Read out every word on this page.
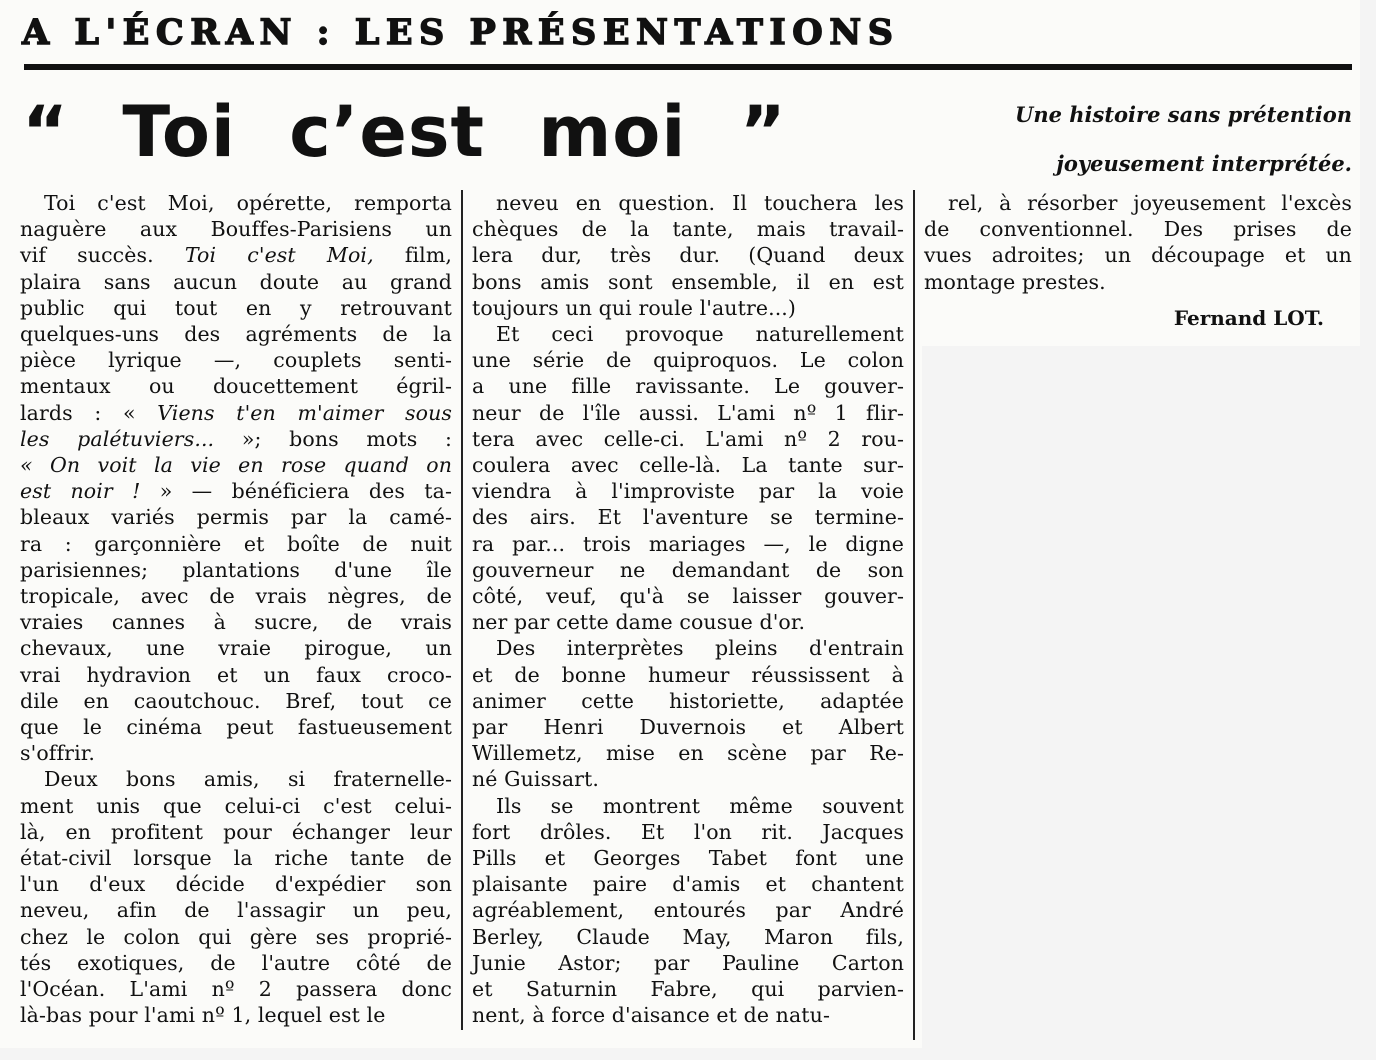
A L'ÉCRAN : LES PRÉSENTATIONS
“ Toi c’est moi ”	Une histoire sans prétention
joyeusement interprétée.

Toi c'est Moi, opérette, remporta
naguère aux Bouffes-Parisiens un
vif succès. Toi c'est Moi, film,
plaira sans aucun doute au grand
public qui tout en y retrouvant
quelques-uns des agréments de la
pièce lyrique —, couplets senti-
mentaux ou doucettement égril-
lards : « Viens t'en m'aimer sous
les palétuviers... »; bons mots :
« On voit la vie en rose quand on
est noir ! » — bénéficiera des ta-
bleaux variés permis par la camé-
ra : garçonnière et boîte de nuit
parisiennes; plantations d'une île
tropicale, avec de vrais nègres, de
vraies cannes à sucre, de vrais
chevaux, une vraie pirogue, un
vrai hydravion et un faux croco-
dile en caoutchouc. Bref, tout ce
que le cinéma peut fastueusement
s'offrir.

Deux bons amis, si fraternelle-
ment unis que celui-ci c'est celui-
là, en profitent pour échanger leur
état-civil lorsque la riche tante de
l'un d'eux décide d'expédier son
neveu, afin de l'assagir un peu,
chez le colon qui gère ses proprié-
tés exotiques, de l'autre côté de
l'Océan. L'ami nº 2 passera donc
là-bas pour l'ami nº 1, lequel est le

neveu en question. Il touchera les
chèques de la tante, mais travail-
lera dur, très dur. (Quand deux
bons amis sont ensemble, il en est
toujours un qui roule l'autre...)

Et ceci provoque naturellement
une série de quiproquos. Le colon
a une fille ravissante. Le gouver-
neur de l'île aussi. L'ami nº 1 flir-
tera avec celle-ci. L'ami nº 2 rou-
coulera avec celle-là. La tante sur-
viendra à l'improviste par la voie
des airs. Et l'aventure se termine-
ra par... trois mariages —, le digne
gouverneur ne demandant de son
côté, veuf, qu'à se laisser gouver-
ner par cette dame cousue d'or.

Des interprètes pleins d'entrain
et de bonne humeur réussissent à
animer cette historiette, adaptée
par Henri Duvernois et Albert
Willemetz, mise en scène par Re-
né Guissart.

Ils se montrent même souvent
fort drôles. Et l'on rit. Jacques
Pills et Georges Tabet font une
plaisante paire d'amis et chantent
agréablement, entourés par André
Berley, Claude May, Maron fils,
Junie Astor; par Pauline Carton
et Saturnin Fabre, qui parvien-
nent, à force d'aisance et de natu-

rel, à résorber joyeusement l'excès
de conventionnel. Des prises de
vues adroites; un découpage et un
montage prestes.

Fernand LOT.
